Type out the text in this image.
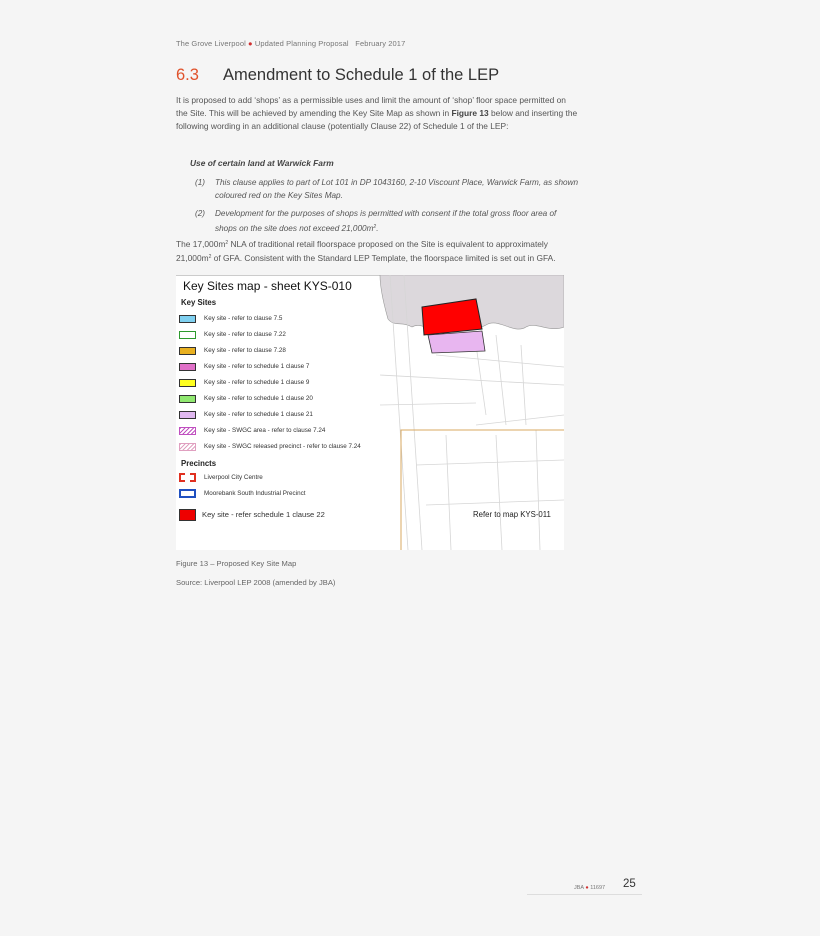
The Grove Liverpool ● Updated Planning Proposal February 2017
6.3 Amendment to Schedule 1 of the LEP
It is proposed to add ‘shops’ as a permissible uses and limit the amount of ‘shop’ floor space permitted on
the Site. This will be achieved by amending the Key Site Map as shown in Figure 13 below and inserting the
following wording in an additional clause (potentially Clause 22) of Schedule 1 of the LEP:
Use of certain land at Warwick Farm
(1) This clause applies to part of Lot 101 in DP 1043160, 2-10 Viscount Place, Warwick Farm, as shown
coloured red on the Key Sites Map.
(2) Development for the purposes of shops is permitted with consent if the total gross floor area of
shops on the site does not exceed $21,000m^2$.
The $17,000m^2$ NLA of traditional retail floorspace proposed on the Site is equivalent to approximately
$21,000m^2$ of GFA. Consistent with the Standard LEP Template, the floorspace limited is set out in GFA.
Key Sites map - sheet KYS-010
Key Sites
Key site - refer to clause 7.5
Key site - refer to clause 7.22
Key site - refer to clause 7.28
Key site - refer to schedule 1 clause 7
Key site - refer to schedule 1 clause 9
Key site - refer to schedule 1 clause 20
Key site - refer to schedule 1 clause 21
Key site - SWGC area - refer to clause 7.24
Key site - SWGC released precinct - refer to clause 7.24
Precincts
Liverpool City Centre
Moorebank South Industrial Precinct
Key site - refer schedule 1 clause 22	Refer to map KYS-011
Figure 13 – Proposed Key Site Map
Source: Liverpool LEP 2008 (amended by JBA)
JBA ● 11697 25
